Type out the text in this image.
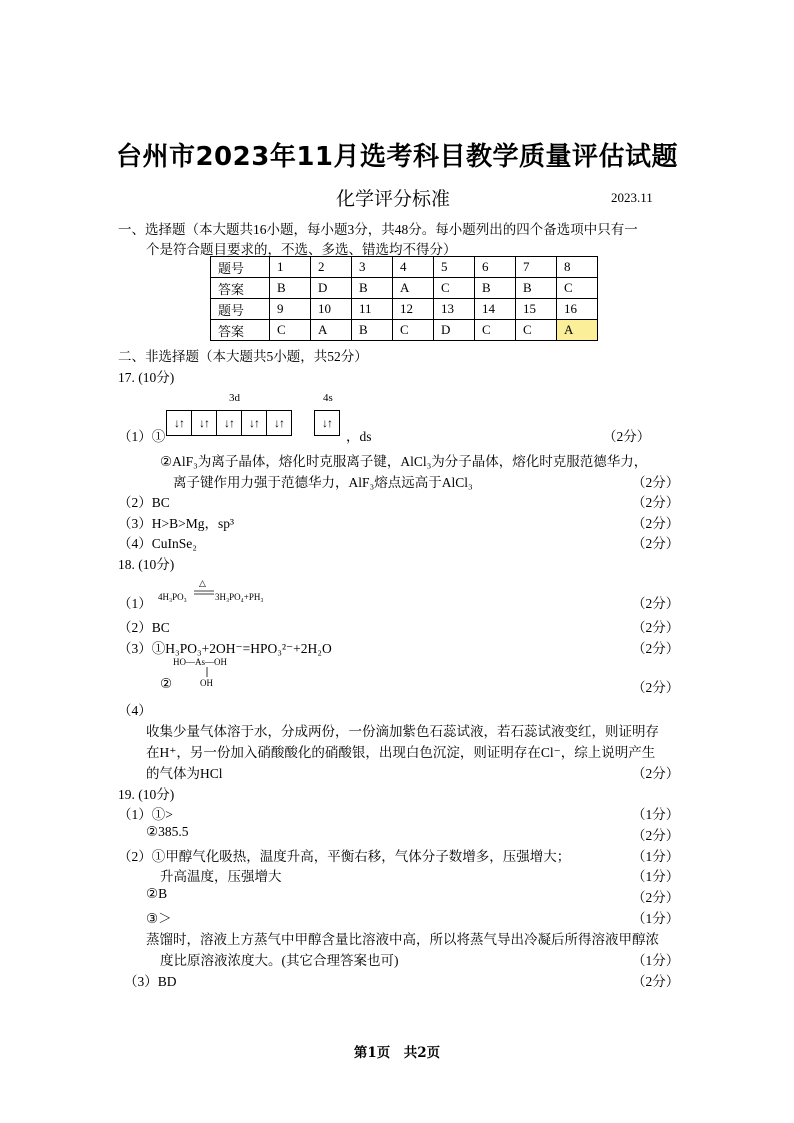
台州市2023年11月选考科目教学质量评估试题
化学评分标准	2023.11
一、选择题（本大题共16小题，每小题3分，共48分。每小题列出的四个备选项中只有一
个是符合题目要求的，不选、多选、错选均不得分）
题号	1	2	3	4	5	6	7	8
答案	B	D	B	A	C	B	B	C
题号	9	10	11	12	13	14	15	16
答案	C	A	B	C	D	C	C	A
二、非选择题（本大题共5小题，共52分）
17. (10分)
3d	4s
（1）①
↓↑ ↓↑ ↓↑ ↓↑ ↓↑	↓↑
，ds	（2分）
②AlF₃为离子晶体，熔化时克服离子键，AlCl₃为分子晶体，熔化时克服范德华力，
离子键作用力强于范德华力，AlF₃熔点远高于AlCl₃	（2分）
（2）BC	（2分）
（3）H>B>Mg，sp³	（2分）
（4）CuInSe₂	（2分）
18. (10分)
（1） 4H₃PO₃
△
3H₃PO₄+PH₃	（2分）
（2）BC	（2分）
（3）①H₃PO₃+2OH⁻=HPO₃²⁻+2H₂O	（2分）
HO—As—OH
②	OH	（2分）
（4）
收集少量气体溶于水，分成两份，一份滴加紫色石蕊试液，若石蕊试液变红，则证明存
在H⁺，另一份加入硝酸酸化的硝酸银，出现白色沉淀，则证明存在Cl⁻，综上说明产生
的气体为HCl	（2分）
19. (10分)
（1）①>	（1分）
②385.5	（2分）
（2）①甲醇气化吸热，温度升高，平衡右移，气体分子数增多，压强增大；	（1分）
升高温度，压强增大	（1分）
②B	（2分）
③＞	（1分）
蒸馏时，溶液上方蒸气中甲醇含量比溶液中高，所以将蒸气导出冷凝后所得溶液甲醇浓
度比原溶液浓度大。(其它合理答案也可)	（1分）
（3）BD	（2分）
第1页　共2页
